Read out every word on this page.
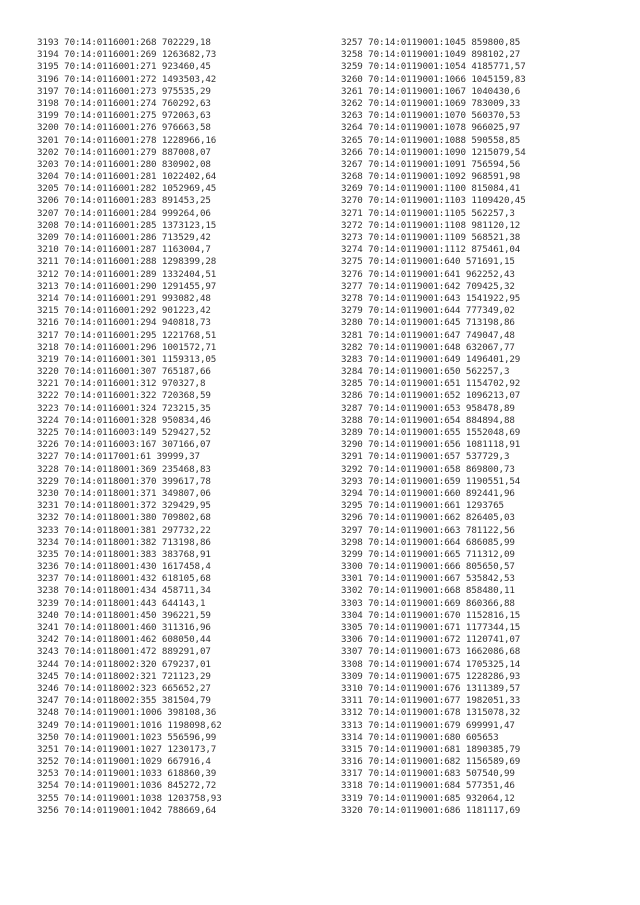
3193 70:14:0116001:268 702229,18
3194 70:14:0116001:269 1263682,73
3195 70:14:0116001:271 923460,45
3196 70:14:0116001:272 1493503,42
3197 70:14:0116001:273 975535,29
3198 70:14:0116001:274 760292,63
3199 70:14:0116001:275 972063,63
3200 70:14:0116001:276 976663,58
3201 70:14:0116001:278 1228966,16
3202 70:14:0116001:279 887008,07
3203 70:14:0116001:280 830902,08
3204 70:14:0116001:281 1022402,64
3205 70:14:0116001:282 1052969,45
3206 70:14:0116001:283 891453,25
3207 70:14:0116001:284 999264,06
3208 70:14:0116001:285 1373123,15
3209 70:14:0116001:286 713529,42
3210 70:14:0116001:287 1163004,7
3211 70:14:0116001:288 1298399,28
3212 70:14:0116001:289 1332404,51
3213 70:14:0116001:290 1291455,97
3214 70:14:0116001:291 993082,48
3215 70:14:0116001:292 901223,42
3216 70:14:0116001:294 940818,73
3217 70:14:0116001:295 1221768,51
3218 70:14:0116001:296 1001572,71
3219 70:14:0116001:301 1159313,05
3220 70:14:0116001:307 765187,66
3221 70:14:0116001:312 970327,8
3222 70:14:0116001:322 720368,59
3223 70:14:0116001:324 723215,35
3224 70:14:0116001:328 950834,46
3225 70:14:0116003:149 529427,52
3226 70:14:0116003:167 307166,07
3227 70:14:0117001:61 39999,37
3228 70:14:0118001:369 235468,83
3229 70:14:0118001:370 399617,78
3230 70:14:0118001:371 349807,06
3231 70:14:0118001:372 329429,95
3232 70:14:0118001:380 709802,68
3233 70:14:0118001:381 297732,22
3234 70:14:0118001:382 713198,86
3235 70:14:0118001:383 383768,91
3236 70:14:0118001:430 1617458,4
3237 70:14:0118001:432 618105,68
3238 70:14:0118001:434 458711,34
3239 70:14:0118001:443 644143,1
3240 70:14:0118001:450 396221,59
3241 70:14:0118001:460 311316,96
3242 70:14:0118001:462 608050,44
3243 70:14:0118001:472 889291,07
3244 70:14:0118002:320 679237,01
3245 70:14:0118002:321 721123,29
3246 70:14:0118002:323 665652,27
3247 70:14:0118002:355 381504,79
3248 70:14:0119001:1006 398108,36
3249 70:14:0119001:1016 1198098,62
3250 70:14:0119001:1023 556596,99
3251 70:14:0119001:1027 1230173,7
3252 70:14:0119001:1029 667916,4
3253 70:14:0119001:1033 618860,39
3254 70:14:0119001:1036 845272,72
3255 70:14:0119001:1038 1203758,93
3256 70:14:0119001:1042 788669,64
3257 70:14:0119001:1045 859800,85
3258 70:14:0119001:1049 898102,27
3259 70:14:0119001:1054 4185771,57
3260 70:14:0119001:1066 1045159,83
3261 70:14:0119001:1067 1040430,6
3262 70:14:0119001:1069 783009,33
3263 70:14:0119001:1070 560370,53
3264 70:14:0119001:1078 966025,97
3265 70:14:0119001:1088 590558,85
3266 70:14:0119001:1090 1215079,54
3267 70:14:0119001:1091 756594,56
3268 70:14:0119001:1092 968591,98
3269 70:14:0119001:1100 815084,41
3270 70:14:0119001:1103 1109420,45
3271 70:14:0119001:1105 562257,3
3272 70:14:0119001:1108 981120,12
3273 70:14:0119001:1109 568521,38
3274 70:14:0119001:1112 875461,04
3275 70:14:0119001:640 571691,15
3276 70:14:0119001:641 962252,43
3277 70:14:0119001:642 709425,32
3278 70:14:0119001:643 1541922,95
3279 70:14:0119001:644 777349,02
3280 70:14:0119001:645 713198,86
3281 70:14:0119001:647 749047,48
3282 70:14:0119001:648 632067,77
3283 70:14:0119001:649 1496401,29
3284 70:14:0119001:650 562257,3
3285 70:14:0119001:651 1154702,92
3286 70:14:0119001:652 1096213,07
3287 70:14:0119001:653 958478,89
3288 70:14:0119001:654 884894,88
3289 70:14:0119001:655 1552048,69
3290 70:14:0119001:656 1081118,91
3291 70:14:0119001:657 537729,3
3292 70:14:0119001:658 869800,73
3293 70:14:0119001:659 1190551,54
3294 70:14:0119001:660 892441,96
3295 70:14:0119001:661 1293765
3296 70:14:0119001:662 826405,03
3297 70:14:0119001:663 781122,56
3298 70:14:0119001:664 686085,99
3299 70:14:0119001:665 711312,09
3300 70:14:0119001:666 805650,57
3301 70:14:0119001:667 535842,53
3302 70:14:0119001:668 858480,11
3303 70:14:0119001:669 860366,88
3304 70:14:0119001:670 1152816,15
3305 70:14:0119001:671 1177344,15
3306 70:14:0119001:672 1120741,07
3307 70:14:0119001:673 1662086,68
3308 70:14:0119001:674 1705325,14
3309 70:14:0119001:675 1228286,93
3310 70:14:0119001:676 1311389,57
3311 70:14:0119001:677 1982051,33
3312 70:14:0119001:678 1315078,32
3313 70:14:0119001:679 699991,47
3314 70:14:0119001:680 605653
3315 70:14:0119001:681 1890385,79
3316 70:14:0119001:682 1156589,69
3317 70:14:0119001:683 507540,99
3318 70:14:0119001:684 577351,46
3319 70:14:0119001:685 932064,12
3320 70:14:0119001:686 1181117,69
